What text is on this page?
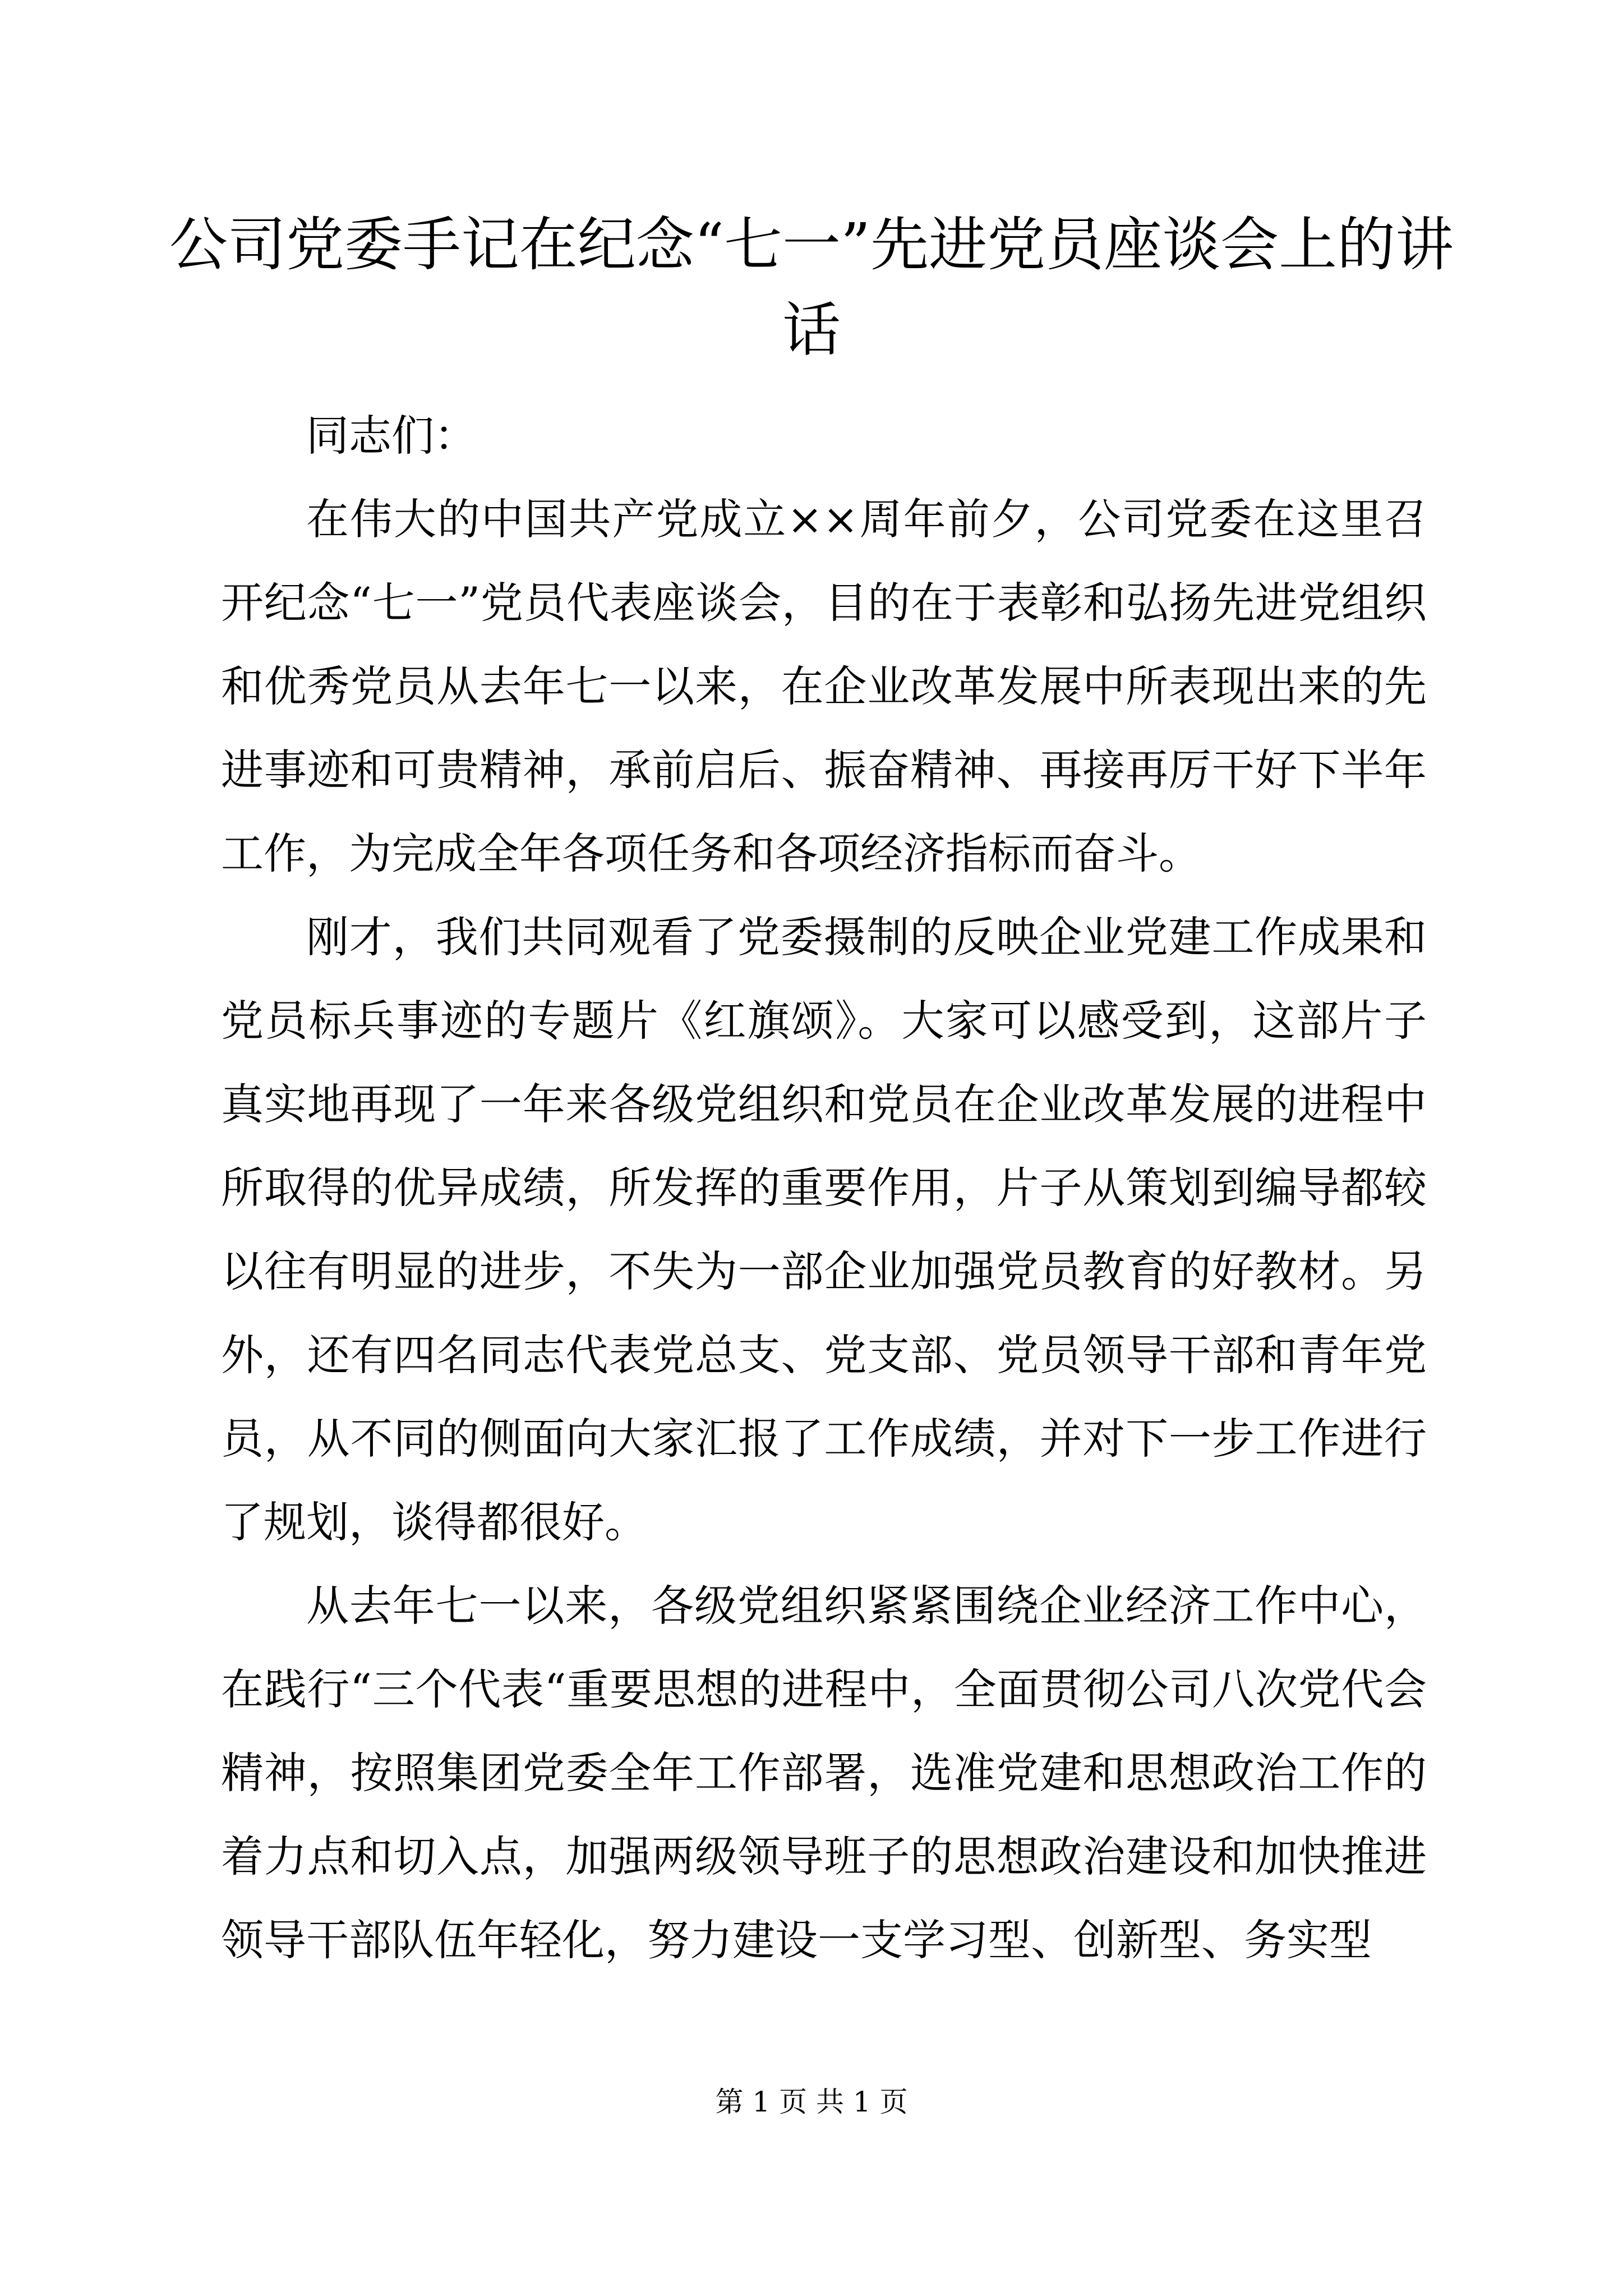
公司党委手记在纪念“七一”先进党员座谈会上的讲话

同志们：

在伟大的中国共产党成立××周年前夕，公司党委在这里召开纪念“七一”党员代表座谈会，目的在于表彰和弘扬先进党组织和优秀党员从去年七一以来，在企业改革发展中所表现出来的先进事迹和可贵精神，承前启后、振奋精神、再接再厉干好下半年工作，为完成全年各项任务和各项经济指标而奋斗。

刚才，我们共同观看了党委摄制的反映企业党建工作成果和党员标兵事迹的专题片《红旗颂》。大家可以感受到，这部片子真实地再现了一年来各级党组织和党员在企业改革发展的进程中所取得的优异成绩，所发挥的重要作用，片子从策划到编导都较以往有明显的进步，不失为一部企业加强党员教育的好教材。另外，还有四名同志代表党总支、党支部、党员领导干部和青年党员，从不同的侧面向大家汇报了工作成绩，并对下一步工作进行了规划，谈得都很好。

从去年七一以来，各级党组织紧紧围绕企业经济工作中心，在践行“三个代表“重要思想的进程中，全面贯彻公司八次党代会精神，按照集团党委全年工作部署，选准党建和思想政治工作的着力点和切入点，加强两级领导班子的思想政治建设和加快推进领导干部队伍年轻化，努力建设一支学习型、创新型、务实型

第 1 页 共 1 页
